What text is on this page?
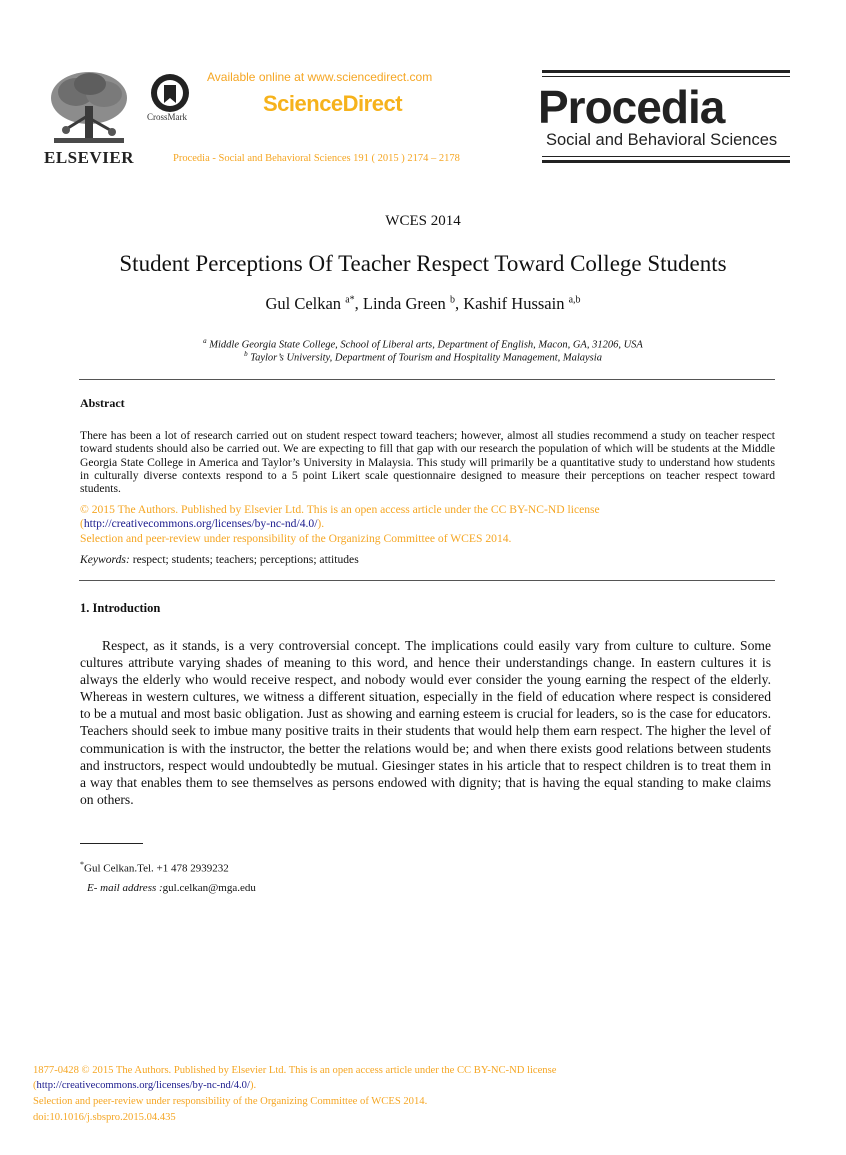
ELSEVIER
CrossMark
Available online at www.sciencedirect.com
ScienceDirect
Procedia - Social and Behavioral Sciences 191 ( 2015 ) 2174 – 2178
Procedia
Social and Behavioral Sciences
WCES 2014
Student Perceptions Of Teacher Respect Toward College Students
Gul Celkan $^{a*}$, Linda Green $^b$, Kashif Hussain $^{a,b}$
$^a$ Middle Georgia State College, School of Liberal arts, Department of English, Macon, GA, 31206, USA
$^b$ Taylor’s University, Department of Tourism and Hospitality Management, Malaysia
Abstract
There has been a lot of research carried out on student respect toward teachers; however, almost all studies recommend a study on teacher respect toward students should also be carried out. We are expecting to fill that gap with our research the population of which will be students at the Middle Georgia State College in America and Taylor’s University in Malaysia. This study will primarily be a quantitative study to understand how students in culturally diverse contexts respond to a 5 point Likert scale questionnaire designed to measure their perceptions on teacher respect toward students.
© 2015 The Authors. Published by Elsevier Ltd. This is an open access article under the CC BY-NC-ND license
(http://creativecommons.org/licenses/by-nc-nd/4.0/).
Selection and peer-review under responsibility of the Organizing Committee of WCES 2014.
Keywords: respect; students; teachers; perceptions; attitudes
1. Introduction
Respect, as it stands, is a very controversial concept. The implications could easily vary from culture to culture. Some cultures attribute varying shades of meaning to this word, and hence their understandings change. In eastern cultures it is always the elderly who would receive respect, and nobody would ever consider the young earning the respect of the elderly. Whereas in western cultures, we witness a different situation, especially in the field of education where respect is considered to be a mutual and most basic obligation. Just as showing and earning esteem is crucial for leaders, so is the case for educators. Teachers should seek to imbue many positive traits in their students that would help them earn respect. The higher the level of communication is with the instructor, the better the relations would be; and when there exists good relations between students and instructors, respect would undoubtedly be mutual. Giesinger states in his article that to respect children is to treat them in a way that enables them to see themselves as persons endowed with dignity; that is having the equal standing to make claims on others.
*Gul Celkan.Tel. +1 478 2939232
E- mail address :gul.celkan@mga.edu
1877-0428 © 2015 The Authors. Published by Elsevier Ltd. This is an open access article under the CC BY-NC-ND license
(http://creativecommons.org/licenses/by-nc-nd/4.0/).
Selection and peer-review under responsibility of the Organizing Committee of WCES 2014.
doi:10.1016/j.sbspro.2015.04.435
